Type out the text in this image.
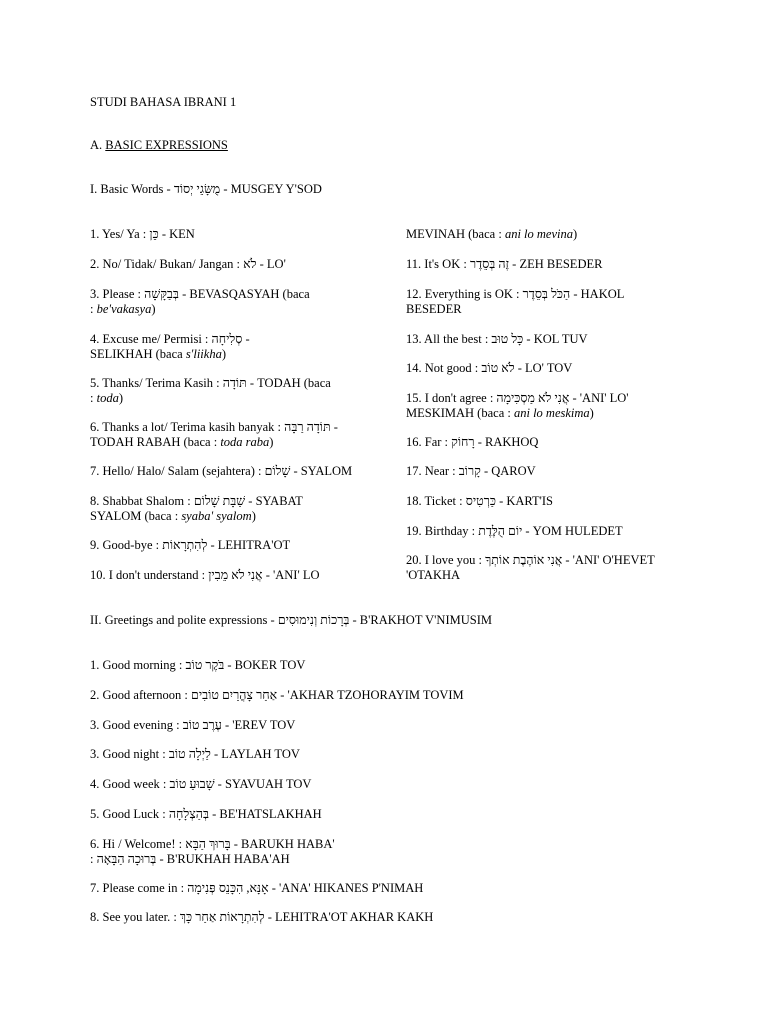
STUDI BAHASA IBRANI 1
A. BASIC EXPRESSIONS
I. Basic Words - מֻשָּׂגֵי יְסוֹד - MUSGEY Y'SOD
1. Yes/ Ya : כֵּן - KEN
2. No/ Tidak/ Bukan/ Jangan : לֹא - LO'
3. Please : בְּבַקָּשָׁה - BEVASQASYAH (baca
: be'vakasya)
4. Excuse me/ Permisi : סְלִיחָה -
SELIKHAH (baca s'liikha)
5. Thanks/ Terima Kasih : תּוֹדָה - TODAH (baca
: toda)
6. Thanks a lot/ Terima kasih banyak : תּוֹדָה רַבָּה -
TODAH RABAH (baca : toda raba)
7. Hello/ Halo/ Salam (sejahtera) : שָׁלוֹם - SYALOM
8. Shabbat Shalom : שַׁבָּת שָׁלוֹם - SYABAT
SYALOM (baca : syaba' syalom)
9. Good-bye : לְהִתְרָאוֹת - LEHITRA'OT
10. I don't understand : אֲנִי לֹא מֵבִין - 'ANI' LO
MEVINAH (baca : ani lo mevina)
11. It's OK : זֶה בְּסֵדֶר - ZEH BESEDER
12. Everything is OK : הַכֹּל בְּסֵדֶר - HAKOL
BESEDER
13. All the best : כָּל טוּב - KOL TUV
14. Not good : לֹא טוֹב - LO' TOV
15. I don't agree : אֲנִי לֹא מַסְכִּימָה - 'ANI' LO'
MESKIMAH (baca : ani lo meskima)
16. Far : רָחוֹק - RAKHOQ
17. Near : קָרוֹב - QAROV
18. Ticket : כַּרְטִיס - KART'IS
19. Birthday : יוֹם הֻלֶּדֶת - YOM HULEDET
20. I love you : אֲנִי אוֹהֶבֶת אוֹתְךָ - 'ANI' O'HEVET
'OTAKHA
II. Greetings and polite expressions - בְּרָכוֹת וְנִימוּסִים - B'RAKHOT V'NIMUSIM
1. Good morning : בֹּקֶר טוֹב - BOKER TOV
2. Good afternoon : אַחַר צָהֳרַיִם טוֹבִים - 'AKHAR TZOHORAYIM TOVIM
3. Good evening : עֶרֶב טוֹב - 'EREV TOV
3. Good night : לַיְלָה טוֹב - LAYLAH TOV
4. Good week : שָׁבוּעַ טוֹב - SYAVUAH TOV
5. Good Luck : בְּהַצְלָחָה - BE'HATSLAKHAH
6. Hi / Welcome! : בָּרוּךְ הַבָּא - BARUKH HABA'
: בְּרוּכָה הַבָּאָה - B'RUKHAH HABA'AH
7. Please come in : אָנָּא, הִכָּנֵס פְּנִימָה - 'ANA' HIKANES P'NIMAH
8. See you later. : לְהִתְרָאוֹת אַחַר כָּךְ - LEHITRA'OT AKHAR KAKH
